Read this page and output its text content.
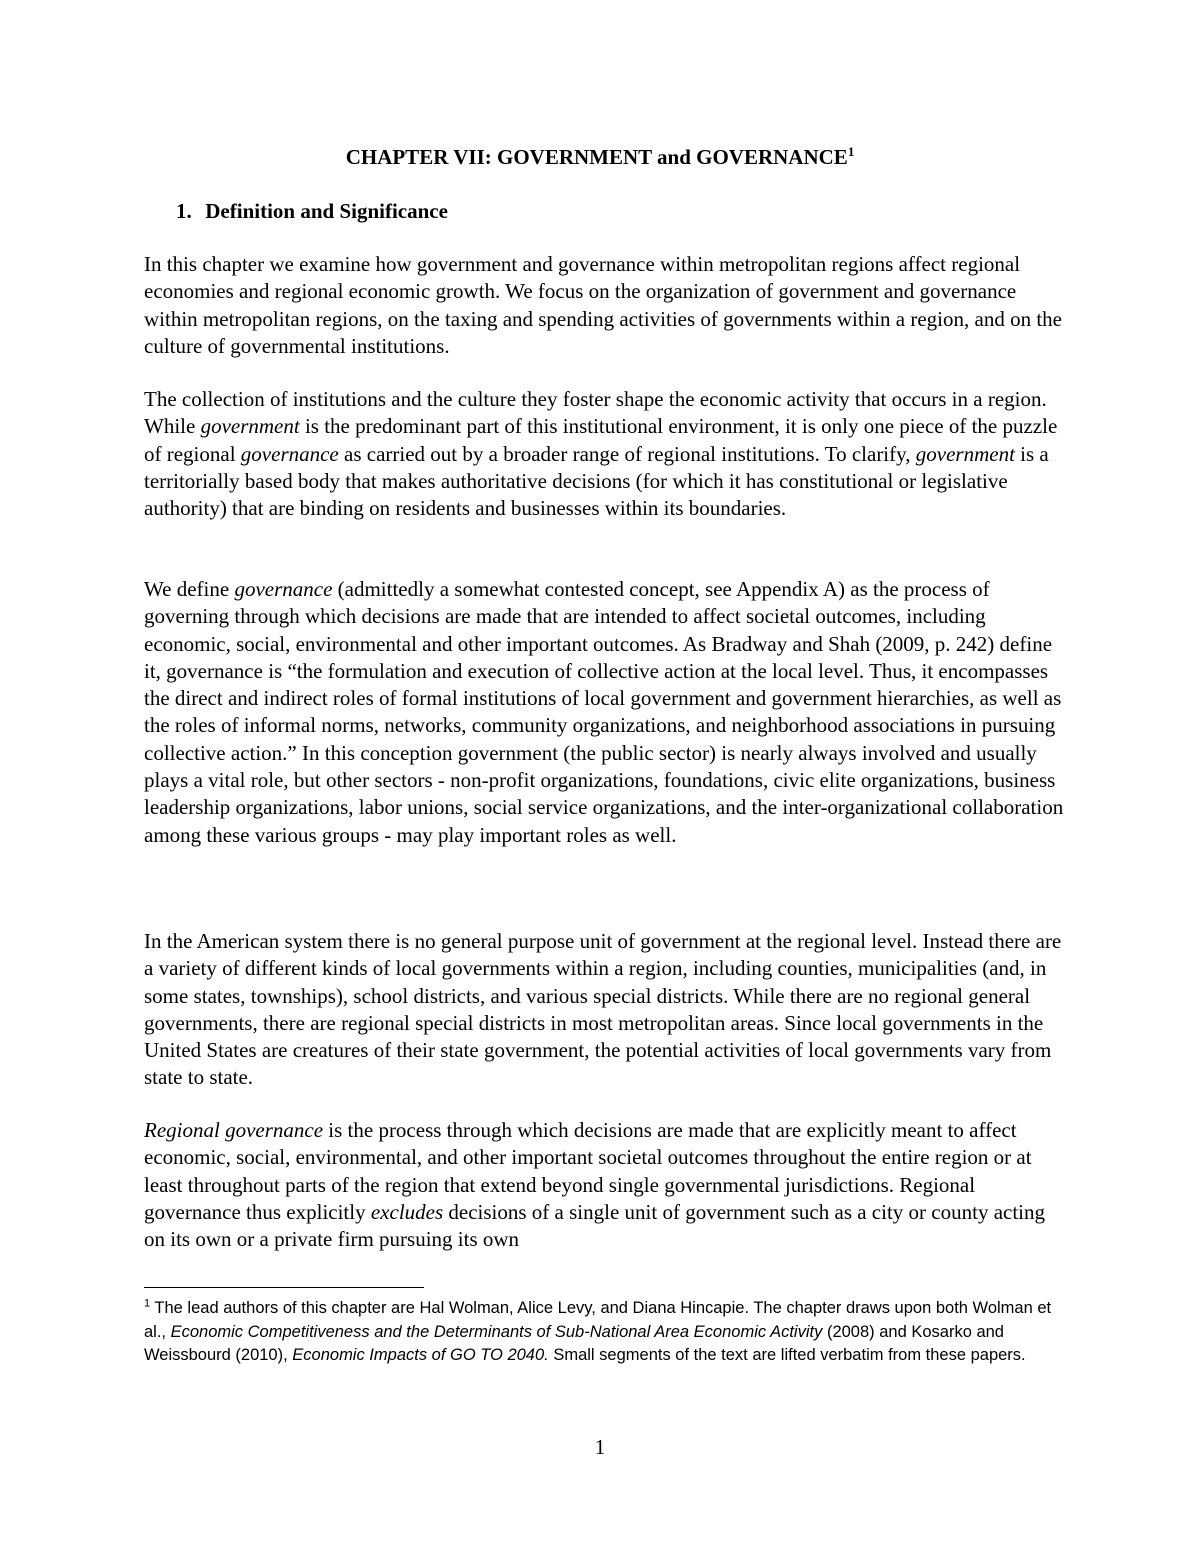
CHAPTER VII: GOVERNMENT and GOVERNANCE$^1$
1. Definition and Significance

In this chapter we examine how government and governance within metropolitan regions affect regional economies and regional economic growth. We focus on the organization of government and governance within metropolitan regions, on the taxing and spending activities of governments within a region, and on the culture of governmental institutions.

The collection of institutions and the culture they foster shape the economic activity that occurs in a region. While government is the predominant part of this institutional environment, it is only one piece of the puzzle of regional governance as carried out by a broader range of regional institutions. To clarify, government is a territorially based body that makes authoritative decisions (for which it has constitutional or legislative authority) that are binding on residents and businesses within its boundaries.

We define governance (admittedly a somewhat contested concept, see Appendix A) as the process of governing through which decisions are made that are intended to affect societal outcomes, including economic, social, environmental and other important outcomes. As Bradway and Shah (2009, p. 242) define it, governance is “the formulation and execution of collective action at the local level. Thus, it encompasses the direct and indirect roles of formal institutions of local government and government hierarchies, as well as the roles of informal norms, networks, community organizations, and neighborhood associations in pursuing collective action.” In this conception government (the public sector) is nearly always involved and usually plays a vital role, but other sectors - non-profit organizations, foundations, civic elite organizations, business leadership organizations, labor unions, social service organizations, and the inter-organizational collaboration among these various groups - may play important roles as well.

In the American system there is no general purpose unit of government at the regional level. Instead there are a variety of different kinds of local governments within a region, including counties, municipalities (and, in some states, townships), school districts, and various special districts. While there are no regional general governments, there are regional special districts in most metropolitan areas. Since local governments in the United States are creatures of their state government, the potential activities of local governments vary from state to state.

Regional governance is the process through which decisions are made that are explicitly meant to affect economic, social, environmental, and other important societal outcomes throughout the entire region or at least throughout parts of the region that extend beyond single governmental jurisdictions. Regional governance thus explicitly excludes decisions of a single unit of government such as a city or county acting on its own or a private firm pursuing its own

$^1$ The lead authors of this chapter are Hal Wolman, Alice Levy, and Diana Hincapie. The chapter draws upon both Wolman et al., Economic Competitiveness and the Determinants of Sub-National Area Economic Activity (2008) and Kosarko and Weissbourd (2010), Economic Impacts of GO TO 2040. Small segments of the text are lifted verbatim from these papers.

1
